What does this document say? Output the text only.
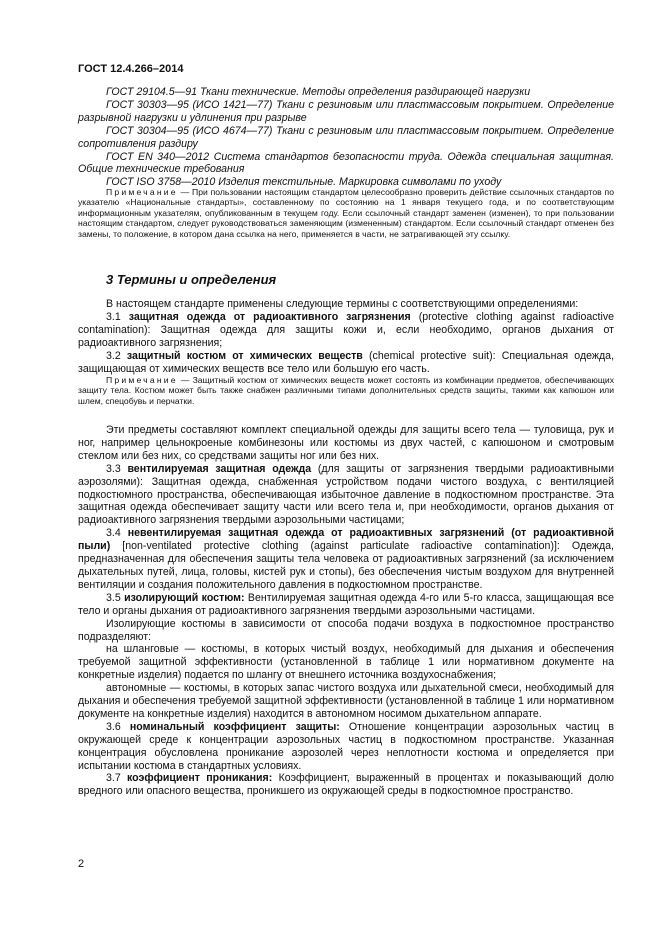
ГОСТ 12.4.266–2014

ГОСТ 29104.5—91 Ткани технические. Методы определения раздирающей нагрузки

ГОСТ 30303—95 (ИСО 1421—77) Ткани с резиновым или пластмассовым покрытием. Определение разрывной нагрузки и удлинения при разрыве

ГОСТ 30304—95 (ИСО 4674—77) Ткани с резиновым или пластмассовым покрытием. Определение сопротивления раздиру

ГОСТ EN 340—2012 Система стандартов безопасности труда. Одежда специальная защитная. Общие технические требования

ГОСТ ISO 3758—2010 Изделия текстильные. Маркировка символами по уходу

Примечание — При пользовании настоящим стандартом целесообразно проверить действие ссылочных стандартов по указателю «Национальные стандарты», составленному по состоянию на 1 января текущего года, и по соответствующим информационным указателям, опубликованным в текущем году. Если ссылочный стандарт заменен (изменен), то при пользовании настоящим стандартом, следует руководствоваться заменяющим (измененным) стандартом. Если ссылочный стандарт отменен без замены, то положение, в котором дана ссылка на него, применяется в части, не затрагивающей эту ссылку.

3 Термины и определения

В настоящем стандарте применены следующие термины с соответствующими определениями:

3.1 защитная одежда от радиоактивного загрязнения (protective clothing against radioactive contamination): Защитная одежда для защиты кожи и, если необходимо, органов дыхания от радиоактивного загрязнения;

3.2 защитный костюм от химических веществ (chemical protective suit): Специальная одежда, защищающая от химических веществ все тело или большую его часть.

Примечание — Защитный костюм от химических веществ может состоять из комбинации предметов, обеспечивающих защиту тела. Костюм может быть также снабжен различными типами дополнительных средств защиты, такими как капюшон или шлем, спецобувь и перчатки.

Эти предметы составляют комплект специальной одежды для защиты всего тела — туловища, рук и ног, например цельнокроеные комбинезоны или костюмы из двух частей, с капюшоном и смотровым стеклом или без них, со средствами защиты ног или без них.

3.3 вентилируемая защитная одежда (для защиты от загрязнения твердыми радиоактивными аэрозолями): Защитная одежда, снабженная устройством подачи чистого воздуха, с вентиляцией подкостюмного пространства, обеспечивающая избыточное давление в подкостюмном пространстве. Эта защитная одежда обеспечивает защиту части или всего тела и, при необходимости, органов дыхания от радиоактивного загрязнения твердыми аэрозольными частицами;

3.4 невентилируемая защитная одежда от радиоактивных загрязнений (от радиоактивной пыли) [non-ventilated protective clothing (against particulate radioactive contamination)]: Одежда, предназначенная для обеспечения защиты тела человека от радиоактивных загрязнений (за исключением дыхательных путей, лица, головы, кистей рук и стопы), без обеспечения чистым воздухом для внутренней вентиляции и создания положительного давления в подкостюмном пространстве.

3.5 изолирующий костюм: Вентилируемая защитная одежда 4-го или 5-го класса, защищающая все тело и органы дыхания от радиоактивного загрязнения твердыми аэрозольными частицами.

Изолирующие костюмы в зависимости от способа подачи воздуха в подкостюмное пространство подразделяют:

на шланговые — костюмы, в которых чистый воздух, необходимый для дыхания и обеспечения требуемой защитной эффективности (установленной в таблице 1 или нормативном документе на конкретные изделия) подается по шлангу от внешнего источника воздухоснабжения;

автономные — костюмы, в которых запас чистого воздуха или дыхательной смеси, необходимый для дыхания и обеспечения требуемой защитной эффективности (установленной в таблице 1 или нормативном документе на конкретные изделия) находится в автономном носимом дыхательном аппарате.

3.6 номинальный коэффициент защиты: Отношение концентрации аэрозольных частиц в окружающей среде к концентрации аэрозольных частиц в подкостюмном пространстве. Указанная концентрация обусловлена проникание аэрозолей через неплотности костюма и определяется при испытании костюма в стандартных условиях.

3.7 коэффициент проникания: Коэффициент, выраженный в процентах и показывающий долю вредного или опасного вещества, проникшего из окружающей среды в подкостюмное пространство.

2
